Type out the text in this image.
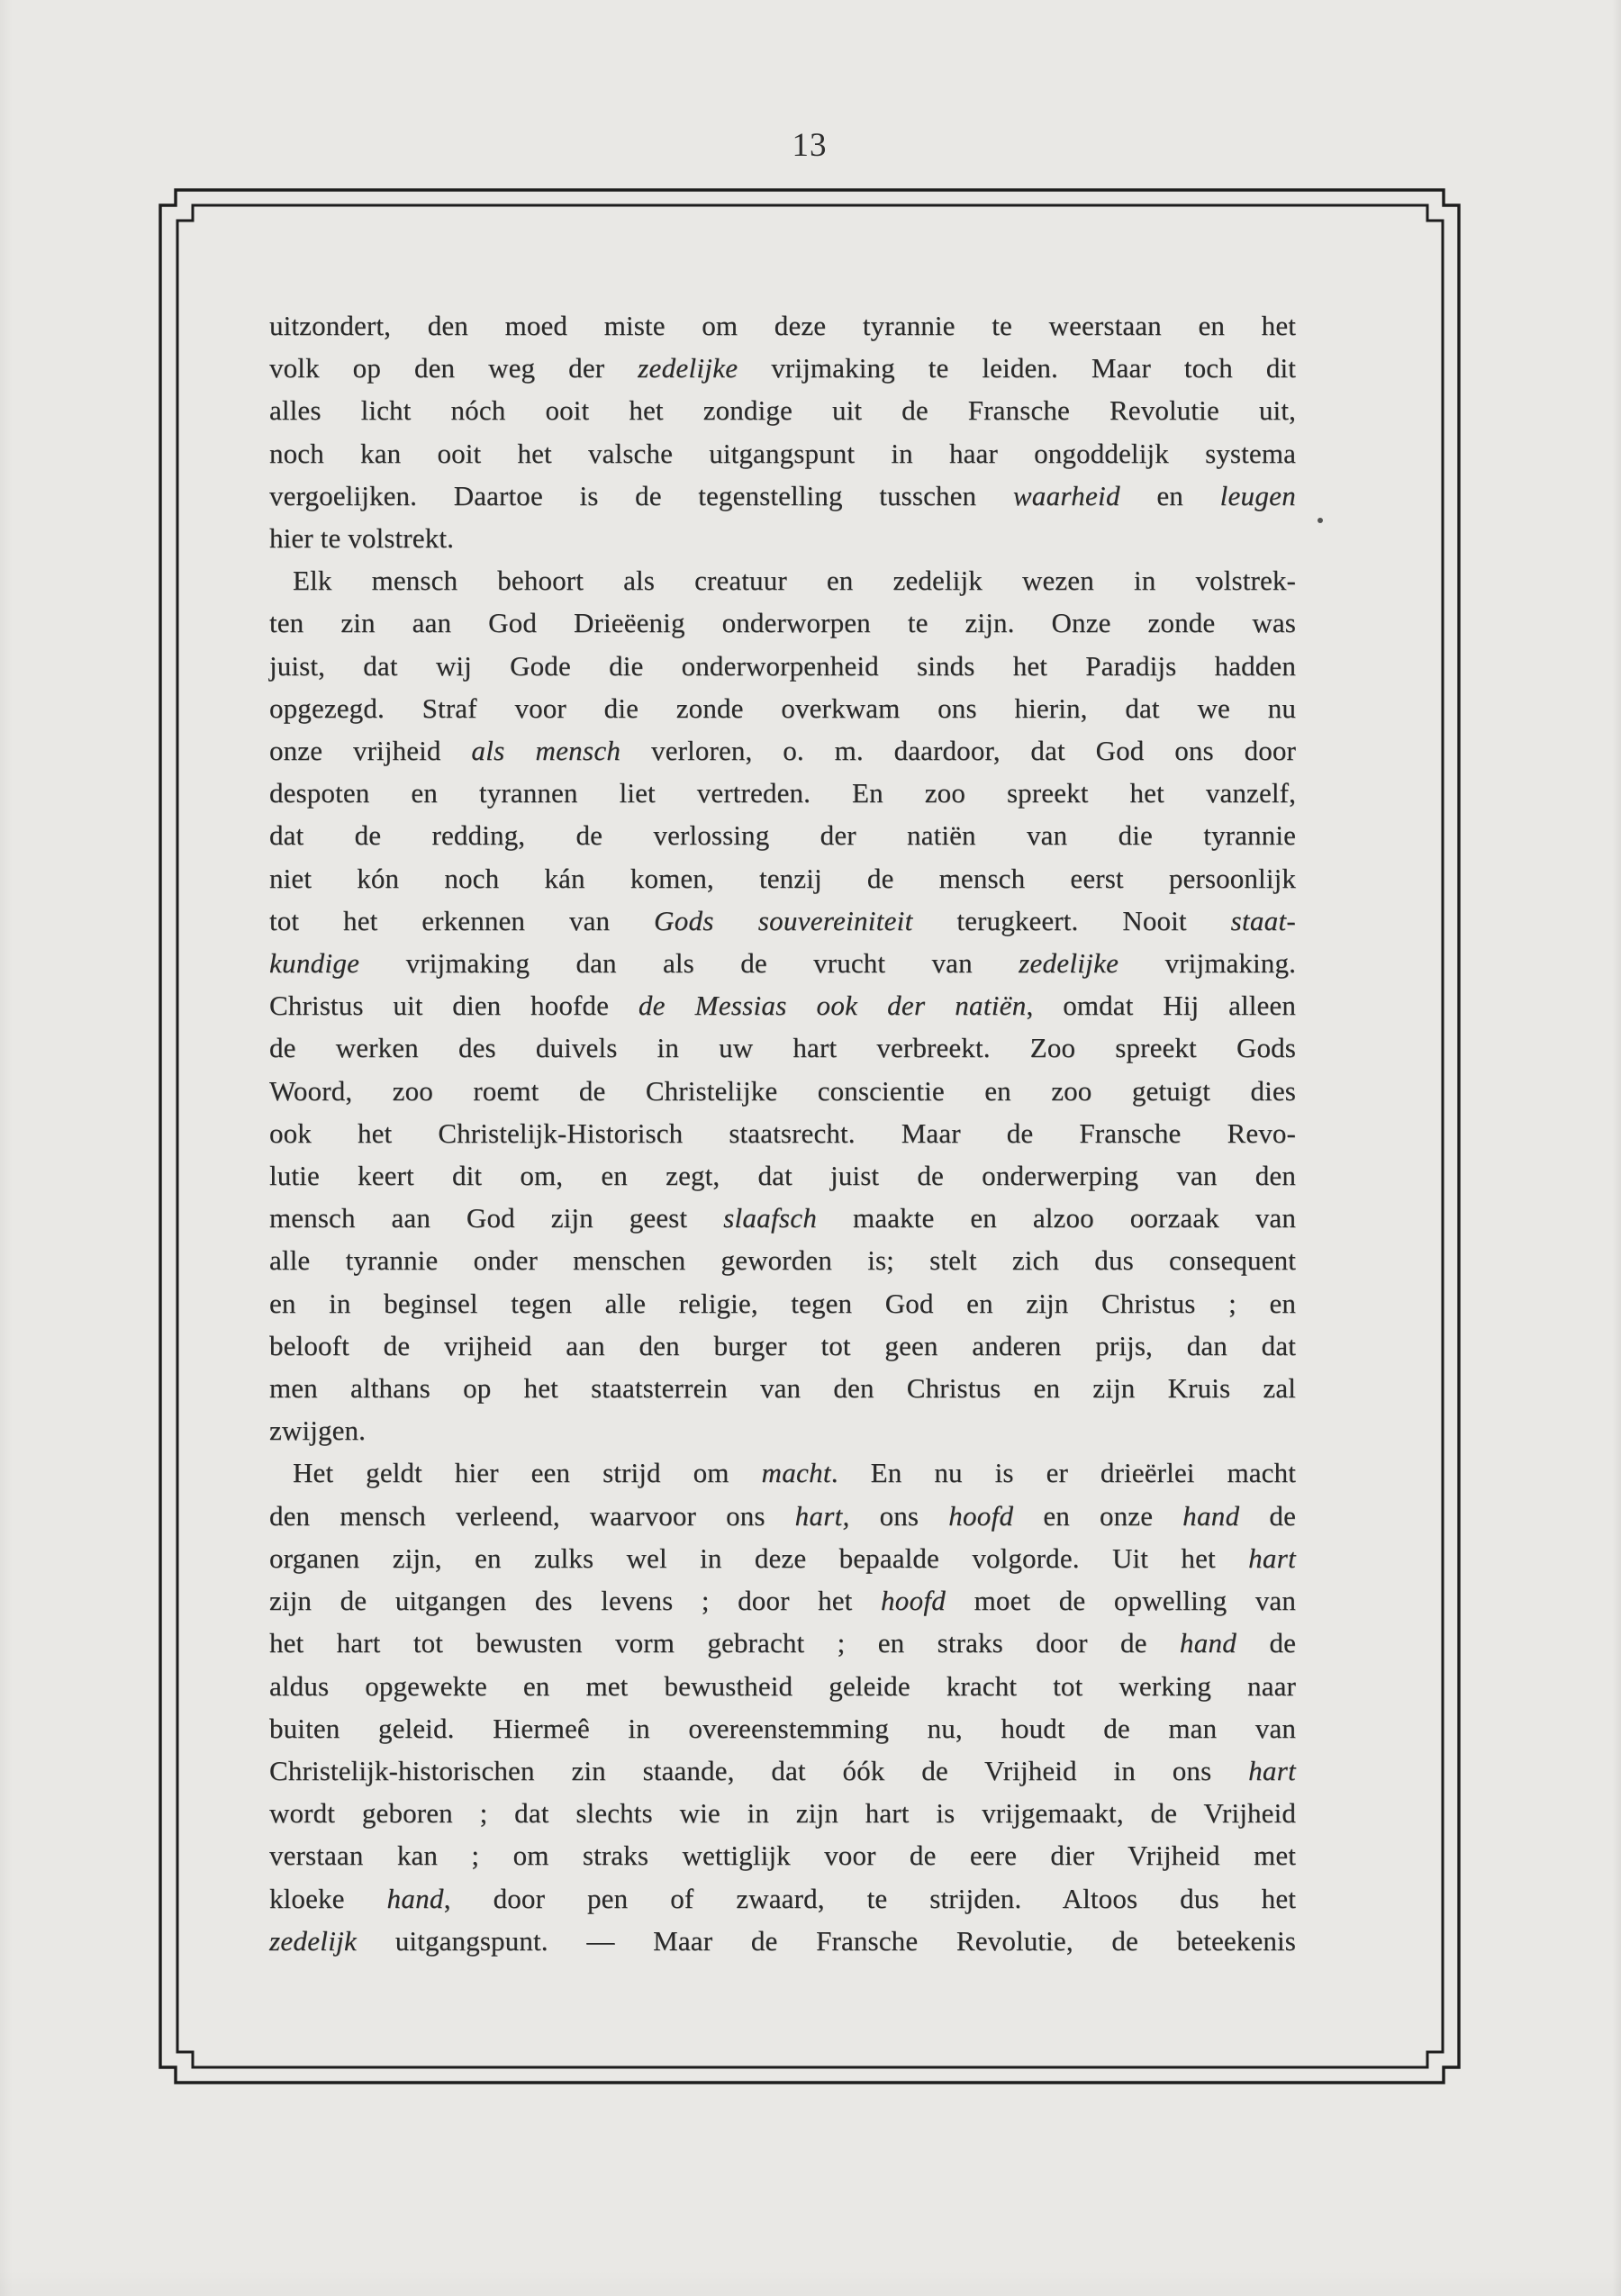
13
uitzondert, den moed miste om deze tyrannie te weerstaan en het
volk op den weg der zedelijke vrijmaking te leiden. Maar toch dit
alles licht nóch ooit het zondige uit de Fransche Revolutie uit,
noch kan ooit het valsche uitgangspunt in haar ongoddelijk systema
vergoelijken. Daartoe is de tegenstelling tusschen waarheid en leugen
hier te volstrekt.
Elk mensch behoort als creatuur en zedelijk wezen in volstrek-
ten zin aan God Drieëenig onderworpen te zijn. Onze zonde was
juist, dat wij Gode die onderworpenheid sinds het Paradijs hadden
opgezegd. Straf voor die zonde overkwam ons hierin, dat we nu
onze vrijheid als mensch verloren, o. m. daardoor, dat God ons door
despoten en tyrannen liet vertreden. En zoo spreekt het vanzelf,
dat de redding, de verlossing der natiën van die tyrannie
niet kón noch kán komen, tenzij de mensch eerst persoonlijk
tot het erkennen van Gods souvereiniteit terugkeert. Nooit staat-
kundige vrijmaking dan als de vrucht van zedelijke vrijmaking.
Christus uit dien hoofde de Messias ook der natiën, omdat Hij alleen
de werken des duivels in uw hart verbreekt. Zoo spreekt Gods
Woord, zoo roemt de Christelijke conscientie en zoo getuigt dies
ook het Christelijk-Historisch staatsrecht. Maar de Fransche Revo-
lutie keert dit om, en zegt, dat juist de onderwerping van den
mensch aan God zijn geest slaafsch maakte en alzoo oorzaak van
alle tyrannie onder menschen geworden is; stelt zich dus consequent
en in beginsel tegen alle religie, tegen God en zijn Christus ; en
belooft de vrijheid aan den burger tot geen anderen prijs, dan dat
men althans op het staatsterrein van den Christus en zijn Kruis zal
zwijgen.
Het geldt hier een strijd om macht. En nu is er drieërlei macht
den mensch verleend, waarvoor ons hart, ons hoofd en onze hand de
organen zijn, en zulks wel in deze bepaalde volgorde. Uit het hart
zijn de uitgangen des levens ; door het hoofd moet de opwelling van
het hart tot bewusten vorm gebracht ; en straks door de hand de
aldus opgewekte en met bewustheid geleide kracht tot werking naar
buiten geleid. Hiermeê in overeenstemming nu, houdt de man van
Christelijk-historischen zin staande, dat óók de Vrijheid in ons hart
wordt geboren ; dat slechts wie in zijn hart is vrijgemaakt, de Vrijheid
verstaan kan ; om straks wettiglijk voor de eere dier Vrijheid met
kloeke hand, door pen of zwaard, te strijden. Altoos dus het
zedelijk uitgangspunt. — Maar de Fransche Revolutie, de beteekenis
